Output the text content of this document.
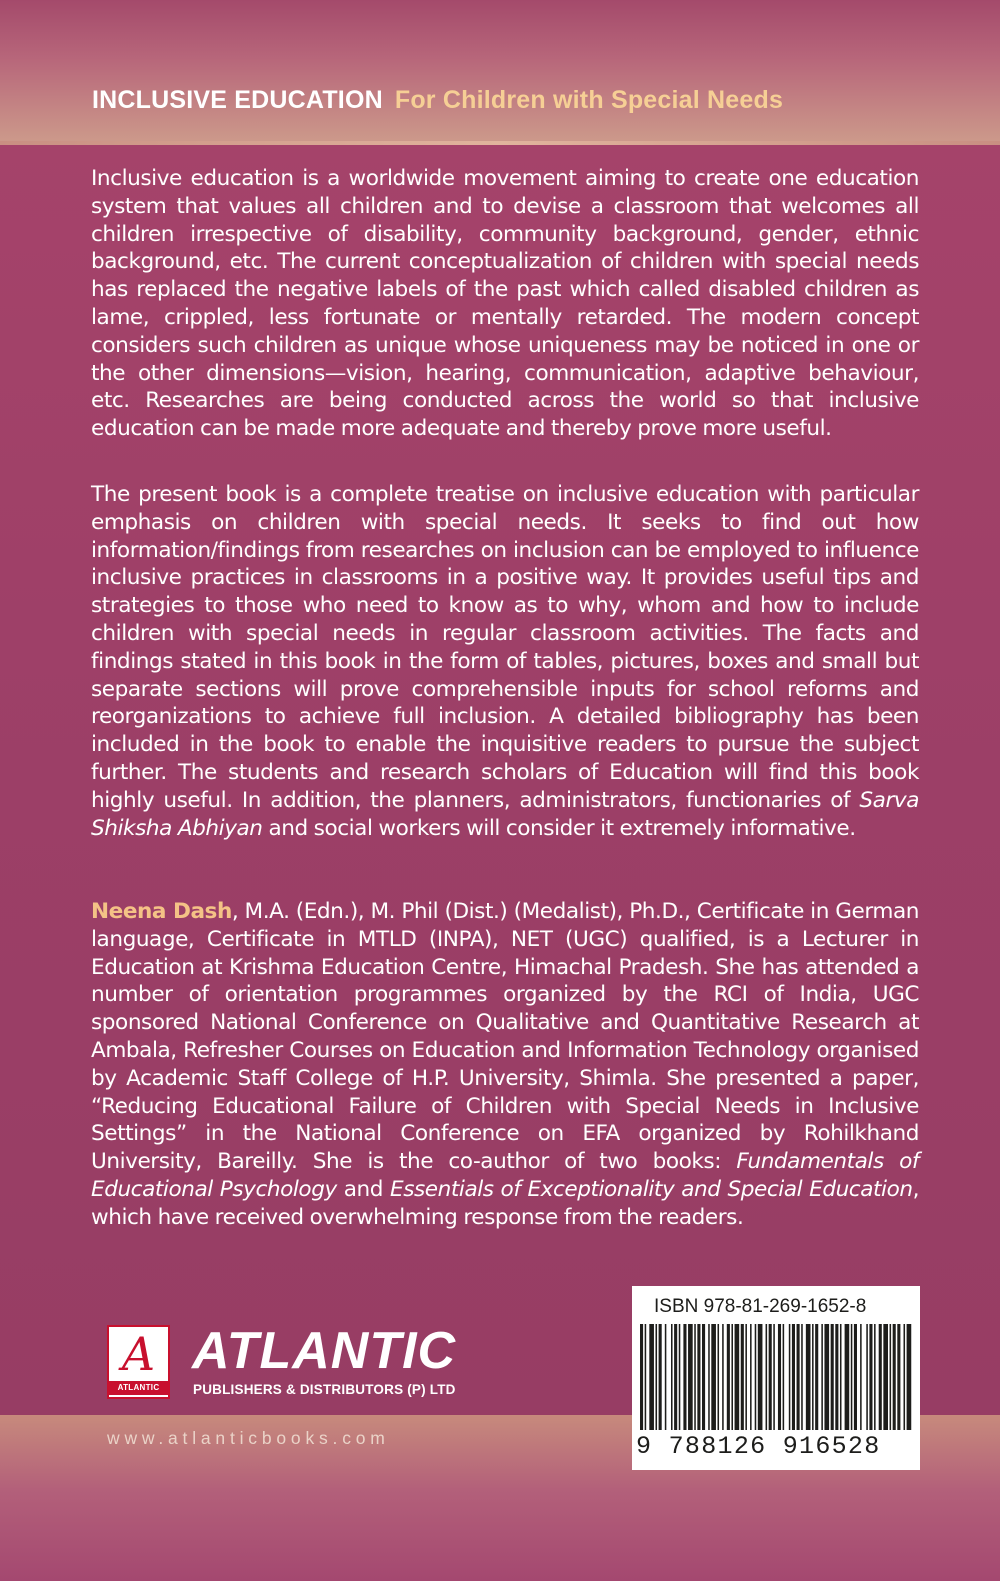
INCLUSIVE EDUCATION For Children with Special Needs

Inclusive education is a worldwide movement aiming to create one education system that values all children and to devise a classroom that welcomes all children irrespective of disability, community background, gender, ethnic background, etc. The current conceptualization of children with special needs has replaced the negative labels of the past which called disabled children as lame, crippled, less fortunate or mentally retarded. The modern concept considers such children as unique whose uniqueness may be noticed in one or the other dimensions—vision, hearing, communication, adaptive behaviour, etc. Researches are being conducted across the world so that inclusive education can be made more adequate and thereby prove more useful.

The present book is a complete treatise on inclusive education with particular emphasis on children with special needs. It seeks to find out how information/findings from researches on inclusion can be employed to influence inclusive practices in classrooms in a positive way. It provides useful tips and strategies to those who need to know as to why, whom and how to include children with special needs in regular classroom activities. The facts and findings stated in this book in the form of tables, pictures, boxes and small but separate sections will prove comprehensible inputs for school reforms and reorganizations to achieve full inclusion. A detailed bibliography has been included in the book to enable the inquisitive readers to pursue the subject further. The students and research scholars of Education will find this book highly useful. In addition, the planners, administrators, functionaries of Sarva Shiksha Abhiyan and social workers will consider it extremely informative.

Neena Dash, M.A. (Edn.), M. Phil (Dist.) (Medalist), Ph.D., Certificate in German language, Certificate in MTLD (INPA), NET (UGC) qualified, is a Lecturer in Education at Krishma Education Centre, Himachal Pradesh. She has attended a number of orientation programmes organized by the RCI of India, UGC sponsored National Conference on Qualitative and Quantitative Research at Ambala, Refresher Courses on Education and Information Technology organised by Academic Staff College of H.P. University, Shimla. She presented a paper, “Reducing Educational Failure of Children with Special Needs in Inclusive Settings” in the National Conference on EFA organized by Rohilkhand University, Bareilly. She is the co-author of two books: Fundamentals of Educational Psychology and Essentials of Exceptionality and Special Education, which have received overwhelming response from the readers.

A
ATLANTIC
ATLANTIC
PUBLISHERS & DISTRIBUTORS (P) LTD
www.atlanticbooks.com
ISBN 978-81-269-1652-8
9 788126 916528
